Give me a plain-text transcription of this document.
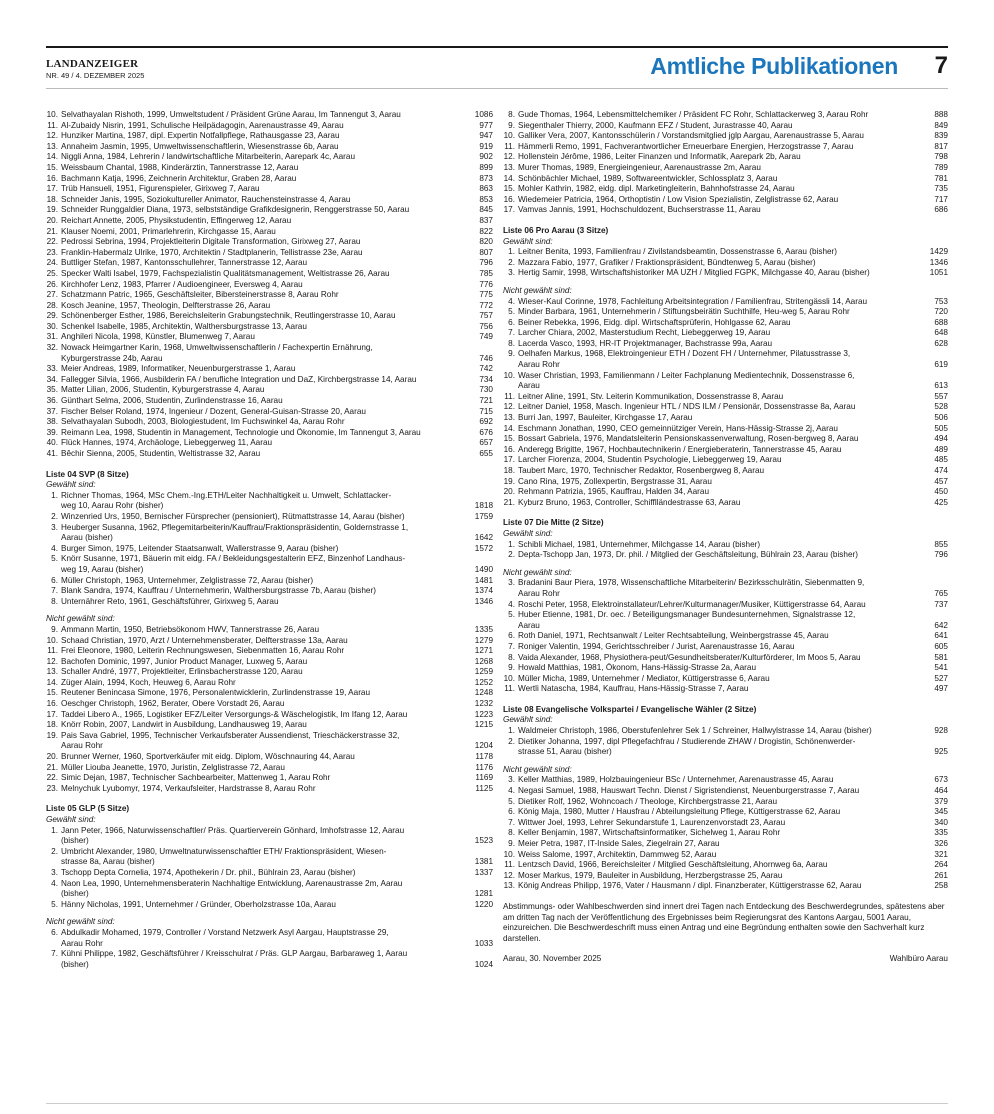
LANDANZEIGER
NR. 49 / 4. DEZEMBER 2025	Amtliche Publikationen 7
10. Selvathayalan Rishoth, 1999, Umweltstudent / Präsident Grüne Aarau, Im Tannengut 3, Aarau	1086
11. Al-Zubaidy Nisrin, 1991, Schulische Heilpädagogin, Aarenaustrasse 49, Aarau	977
12. Hunziker Martina, 1987, dipl. Expertin Notfallpflege, Rathausgasse 23, Aarau	947
13. Annaheim Jasmin, 1995, Umweltwissenschaftlerin, Wiesenstrasse 6b, Aarau	919
14. Niggli Anna, 1984, Lehrerin / landwirtschaftliche Mitarbeiterin, Aarepark 4c, Aarau	902
15. Weissbaum Chantal, 1988, Kinderärztin, Tannerstrasse 12, Aarau	899
16. Bachmann Katja, 1996, Zeichnerin Architektur, Graben 28, Aarau	873
17. Trüb Hansueli, 1951, Figurenspieler, Girixweg 7, Aarau	863
18. Schneider Janis, 1995, Soziokultureller Animator, Rauchensteinstrasse 4, Aarau	853
19. Schneider Runggaldier Diana, 1973, selbstständige Grafikdesignerin, Renggerstrasse 50, Aarau	845
20. Reichart Annette, 2005, Physikstudentin, Effingerweg 12, Aarau	837
21. Klauser Noemi, 2001, Primarlehrerin, Kirchgasse 15, Aarau	822
22. Pedrossi Sebrina, 1994, Projektleiterin Digitale Transformation, Girixweg 27, Aarau	820
23. Franklin-Habermalz Ulrike, 1970, Architektin / Stadtplanerin, Tellistrasse 23e, Aarau	807
24. Buttliger Stefan, 1987, Kantonsschullehrer, Tannerstrasse 12, Aarau	796
25. Specker Walti Isabel, 1979, Fachspezialistin Qualitätsmanagement, Weltistrasse 26, Aarau	785
26. Kirchhofer Lenz, 1983, Pfarrer / Audioengineer, Eversweg 4, Aarau	776
27. Schatzmann Patric, 1965, Geschäftsleiter, Bibersteinerstrasse 8, Aarau Rohr	775
28. Kosch Jeanine, 1957, Theologin, Delfterstrasse 26, Aarau	772
29. Schönenberger Esther, 1986, Bereichsleiterin Grabungstechnik, Reutlingerstrasse 10, Aarau	757
30. Schenkel Isabelle, 1985, Architektin, Walthersburgstrasse 13, Aarau	756
31. Anghileri Nicola, 1998, Künstler, Blumenweg 7, Aarau	749
32. Nowack Heimgartner Karin, 1968, Umweltwissenschaftlerin / Fachexpertin Ernährung,
Kyburgerstrasse 24b, Aarau	746
33. Meier Andreas, 1989, Informatiker, Neuenburgerstrasse 1, Aarau	742
34. Fallegger Silvia, 1966, Ausbilderin FA / berufliche Integration und DaZ, Kirchbergstrasse 14, Aarau	734
35. Matter Lilian, 2006, Studentin, Kyburgerstrasse 4, Aarau	730
36. Günthart Selma, 2006, Studentin, Zurlindenstrasse 16, Aarau	721
37. Fischer Belser Roland, 1974, Ingenieur / Dozent, General-Guisan-Strasse 20, Aarau	715
38. Selvathayalan Subodh, 2003, Biologiestudent, Im Fuchswinkel 4a, Aarau Rohr	692
39. Reimann Lea, 1998, Studentin in Management, Technologie und Ökonomie, Im Tannengut 3, Aarau	676
40. Flück Hannes, 1974, Archäologe, Liebeggerweg 11, Aarau	657
41. Bêchir Sienna, 2005, Studentin, Weltistrasse 32, Aarau	655
Liste 04 SVP (8 Sitze)
Gewählt sind:
1. Richner Thomas, 1964, MSc Chem.-Ing.ETH/Leiter Nachhaltigkeit u. Umwelt, Schlattacker-
weg 10, Aarau Rohr (bisher)	1818
2. Winzenried Urs, 1950, Bernischer Fürsprecher (pensioniert), Rütmattstrasse 14, Aarau (bisher)	1759
3. Heuberger Susanna, 1962, Pflegemitarbeiterin/Kauffrau/Fraktionspräsidentin, Goldernstrasse 1,
Aarau (bisher)	1642
4. Burger Simon, 1975, Leitender Staatsanwalt, Wallerstrasse 9, Aarau (bisher)	1572
5. Knörr Susanne, 1971, Bäuerin mit eidg. FA / Bekleidungsgestalterin EFZ, Binzenhof Landhaus-
weg 19, Aarau (bisher)	1490
6. Müller Christoph, 1963, Unternehmer, Zelglistrasse 72, Aarau (bisher)	1481
7. Blank Sandra, 1974, Kauffrau / Unternehmerin, Walthersburgstrasse 7b, Aarau (bisher)	1374
8. Unternährer Reto, 1961, Geschäftsführer, Girixweg 5, Aarau	1346
Nicht gewählt sind:
9. Ammann Martin, 1950, Betriebsökonom HWV, Tannerstrasse 26, Aarau	1335
10. Schaad Christian, 1970, Arzt / Unternehmensberater, Delfterstrasse 13a, Aarau	1279
11. Frei Eleonore, 1980, Leiterin Rechnungswesen, Siebenmatten 16, Aarau Rohr	1271
12. Bachofen Dominic, 1997, Junior Product Manager, Luxweg 5, Aarau	1268
13. Schaller André, 1977, Projektleiter, Erlinsbacherstrasse 120, Aarau	1259
14. Züger Alain, 1994, Koch, Heuweg 6, Aarau Rohr	1252
15. Reutener Benincasa Simone, 1976, Personalentwicklerin, Zurlindenstrasse 19, Aarau	1248
16. Oeschger Christoph, 1962, Berater, Obere Vorstadt 26, Aarau	1232
17. Taddei Libero A., 1965, Logistiker EFZ/Leiter Versorgungs-& Wäschelogistik, Im Ifang 12, Aarau	1223
18. Knörr Robin, 2007, Landwirt in Ausbildung, Landhausweg 19, Aarau	1215
19. Pais Sava Gabriel, 1995, Technischer Verkaufsberater Aussendienst, Trieschäckerstrasse 32,
Aarau Rohr	1204
20. Brunner Werner, 1960, Sportverkäufer mit eidg. Diplom, Wöschnauring 44, Aarau	1178
21. Müller Liouba Jeanette, 1970, Juristin, Zelglistrasse 72, Aarau	1176
22. Simic Dejan, 1987, Technischer Sachbearbeiter, Mattenweg 1, Aarau Rohr	1169
23. Melnychuk Lyubomyr, 1974, Verkaufsleiter, Hardstrasse 8, Aarau Rohr	1125
Liste 05 GLP (5 Sitze)
Gewählt sind:
1. Jann Peter, 1966, Naturwissenschaftler/ Präs. Quartierverein Gönhard, Imhofstrasse 12, Aarau
(bisher)	1523
2. Umbricht Alexander, 1980, Umweltnaturwissenschaftler ETH/ Fraktionspräsident, Wiesen-
strasse 8a, Aarau (bisher)	1381
3. Tschopp Depta Cornelia, 1974, Apothekerin / Dr. phil., Bühlrain 23, Aarau (bisher)	1337
4. Naon Lea, 1990, Unternehmensberaterin Nachhaltige Entwicklung, Aarenaustrasse 2m, Aarau
(bisher)	1281
5. Hänny Nicholas, 1991, Unternehmer / Gründer, Oberholzstrasse 10a, Aarau	1220
Nicht gewählt sind:
6. Abdulkadir Mohamed, 1979, Controller / Vorstand Netzwerk Asyl Aargau, Hauptstrasse 29,
Aarau Rohr	1033
7. Kühni Philippe, 1982, Geschäftsführer / Kreisschulrat / Präs. GLP Aargau, Barbaraweg 1, Aarau
(bisher)	1024
8. Gude Thomas, 1964, Lebensmittelchemiker / Präsident FC Rohr, Schlattackerweg 3, Aarau Rohr	888
9. Siegenthaler Thierry, 2000, Kaufmann EFZ / Student, Jurastrasse 40, Aarau	849
10. Galliker Vera, 2007, Kantonsschülerin / Vorstandsmitglied jglp Aargau, Aarenaustrasse 5, Aarau	839
11. Hämmerli Remo, 1991, Fachverantwortlicher Erneuerbare Energien, Herzogstrasse 7, Aarau	817
12. Hollenstein Jérôme, 1986, Leiter Finanzen und Informatik, Aarepark 2b, Aarau	798
13. Murer Thomas, 1989, Energieingenieur, Aarenaustrasse 2m, Aarau	789
14. Schönbächler Michael, 1989, Softwareentwickler, Schlossplatz 3, Aarau	781
15. Mohler Kathrin, 1982, eidg. dipl. Marketingleiterin, Bahnhofstrasse 24, Aarau	735
16. Wiedemeier Patricia, 1964, Orthoptistin / Low Vision Spezialistin, Zelglistrasse 62, Aarau	717
17. Vamvas Jannis, 1991, Hochschuldozent, Buchserstrasse 11, Aarau	686
Liste 06 Pro Aarau (3 Sitze)
Gewählt sind:
1. Leitner Benita, 1993, Familienfrau / Zivilstandsbeamtin, Dossenstrasse 6, Aarau (bisher)	1429
2. Mazzara Fabio, 1977, Grafiker / Fraktionspräsident, Bündtenweg 5, Aarau (bisher)	1346
3. Hertig Samir, 1998, Wirtschaftshistoriker MA UZH / Mitglied FGPK, Milchgasse 40, Aarau (bisher)	1051
Nicht gewählt sind:
4. Wieser-Kaul Corinne, 1978, Fachleitung Arbeitsintegration / Familienfrau, Stritengässli 14, Aarau	753
5. Minder Barbara, 1961, Unternehmerin / Stiftungsbeirätin Suchthilfe, Heu-weg 5, Aarau Rohr	720
6. Beiner Rebekka, 1996, Eidg. dipl. Wirtschaftsprüferin, Hohlgasse 62, Aarau	688
7. Larcher Chiara, 2002, Masterstudium Recht, Liebeggerweg 19, Aarau	648
8. Lacerda Vasco, 1993, HR-IT Projektmanager, Bachstrasse 99a, Aarau	628
9. Oelhafen Markus, 1968, Elektroingenieur ETH / Dozent FH / Unternehmer, Pilatusstrasse 3,
Aarau Rohr	619
10. Waser Christian, 1993, Familienmann / Leiter Fachplanung Medientechnik, Dossenstrasse 6,
Aarau	613
11. Leitner Aline, 1991, Stv. Leiterin Kommunikation, Dossenstrasse 8, Aarau	557
12. Leitner Daniel, 1958, Masch. Ingenieur HTL / NDS ILM / Pensionär, Dossenstrasse 8a, Aarau	528
13. Burri Jan, 1997, Bauleiter, Kirchgasse 17, Aarau	506
14. Eschmann Jonathan, 1990, CEO gemeinnütziger Verein, Hans-Hässig-Strasse 2j, Aarau	505
15. Bossart Gabriela, 1976, Mandatsleiterin Pensionskassenverwaltung, Rosen-bergweg 8, Aarau	494
16. Anderegg Brigitte, 1967, Hochbautechnikerin / Energieberaterin, Tannerstrasse 45, Aarau	489
17. Larcher Fiorenza, 2004, Studentin Psychologie, Liebeggerweg 19, Aarau	485
18. Taubert Marc, 1970, Technischer Redaktor, Rosenbergweg 8, Aarau	474
19. Cano Rina, 1975, Zollexpertin, Bergstrasse 31, Aarau	457
20. Rehmann Patrizia, 1965, Kauffrau, Halden 34, Aarau	450
21. Kyburz Bruno, 1963, Controller, Schifflländestrasse 63, Aarau	425
Liste 07 Die Mitte (2 Sitze)
Gewählt sind:
1. Schibli Michael, 1981, Unternehmer, Milchgasse 14, Aarau (bisher)	855
2. Depta-Tschopp Jan, 1973, Dr. phil. / Mitglied der Geschäftsleitung, Bühlrain 23, Aarau (bisher)	796
Nicht gewählt sind:
3. Bradanini Baur Piera, 1978, Wissenschaftliche Mitarbeiterin/ Bezirksschulrätin, Siebenmatten 9,
Aarau Rohr	765
4. Roschi Peter, 1958, Elektroinstallateur/Lehrer/Kulturmanager/Musiker, Küttigerstrasse 64, Aarau	737
5. Huber Etienne, 1981, Dr. oec. / Beteiligungsmanager Bundesunternehmen, Signalstrasse 12,
Aarau	642
6. Roth Daniel, 1971, Rechtsanwalt / Leiter Rechtsabteilung, Weinbergstrasse 45, Aarau	641
7. Roniger Valentin, 1994, Gerichtsschreiber / Jurist, Aarenaustrasse 16, Aarau	605
8. Vaida Alexander, 1968, Physiothera-peut/Gesundheitsberater/Kulturförderer, Im Moos 5, Aarau	581
9. Howald Matthias, 1981, Ökonom, Hans-Hässig-Strasse 2a, Aarau	541
10. Müller Micha, 1989, Unternehmer / Mediator, Küttigerstrasse 6, Aarau	527
11. Wertli Natascha, 1984, Kauffrau, Hans-Hässig-Strasse 7, Aarau	497
Liste 08 Evangelische Volkspartei / Evangelische Wähler (2 Sitze)
Gewählt sind:
1. Waldmeier Christoph, 1986, Oberstufenlehrer Sek 1 / Schreiner, Hallwylstrasse 14, Aarau (bisher)	928
2. Dietiker Johanna, 1997, dipl Pflegefachfrau / Studierende ZHAW / Drogistin, Schönenwerder-
strasse 51, Aarau (bisher)	925
Nicht gewählt sind:
3. Keller Matthias, 1989, Holzbauingenieur BSc / Unternehmer, Aarenaustrasse 45, Aarau	673
4. Negasi Samuel, 1988, Hauswart Techn. Dienst / Sigristendienst, Neuenburgerstrasse 7, Aarau	464
5. Dietiker Rolf, 1962, Wohncoach / Theologe, Kirchbergstrasse 21, Aarau	379
6. König Maja, 1980, Mutter / Hausfrau / Abteilungsleitung Pflege, Küttigerstrasse 62, Aarau	345
7. Wittwer Joel, 1993, Lehrer Sekundarstufe 1, Laurenzenvorstadt 23, Aarau	340
8. Keller Benjamin, 1987, Wirtschaftsinformatiker, Sichelweg 1, Aarau Rohr	335
9. Meier Petra, 1987, IT-Inside Sales, Ziegelrain 27, Aarau	326
10. Weiss Salome, 1997, Architektin, Dammweg 52, Aarau	321
11. Lentzsch David, 1966, Bereichsleiter / Mitglied Geschäftsleitung, Ahornweg 6a, Aarau	264
12. Moser Markus, 1979, Bauleiter in Ausbildung, Herzbergstrasse 25, Aarau	261
13. König Andreas Philipp, 1976, Vater / Hausmann / dipl. Finanzberater, Küttigerstrasse 62, Aarau	258
Abstimmungs- oder Wahlbeschwerden sind innert drei Tagen nach Entdeckung des Beschwerdegrundes, spätestens aber am dritten Tag nach der Veröffentlichung des Ergebnisses beim Regierungsrat des Kantons Aargau, 5001 Aarau, einzureichen. Die Beschwerdeschrift muss einen Antrag und eine Begründung enthalten sowie den Sachverhalt kurz darstellen.
Aarau, 30. November 2025	Wahlbüro Aarau
